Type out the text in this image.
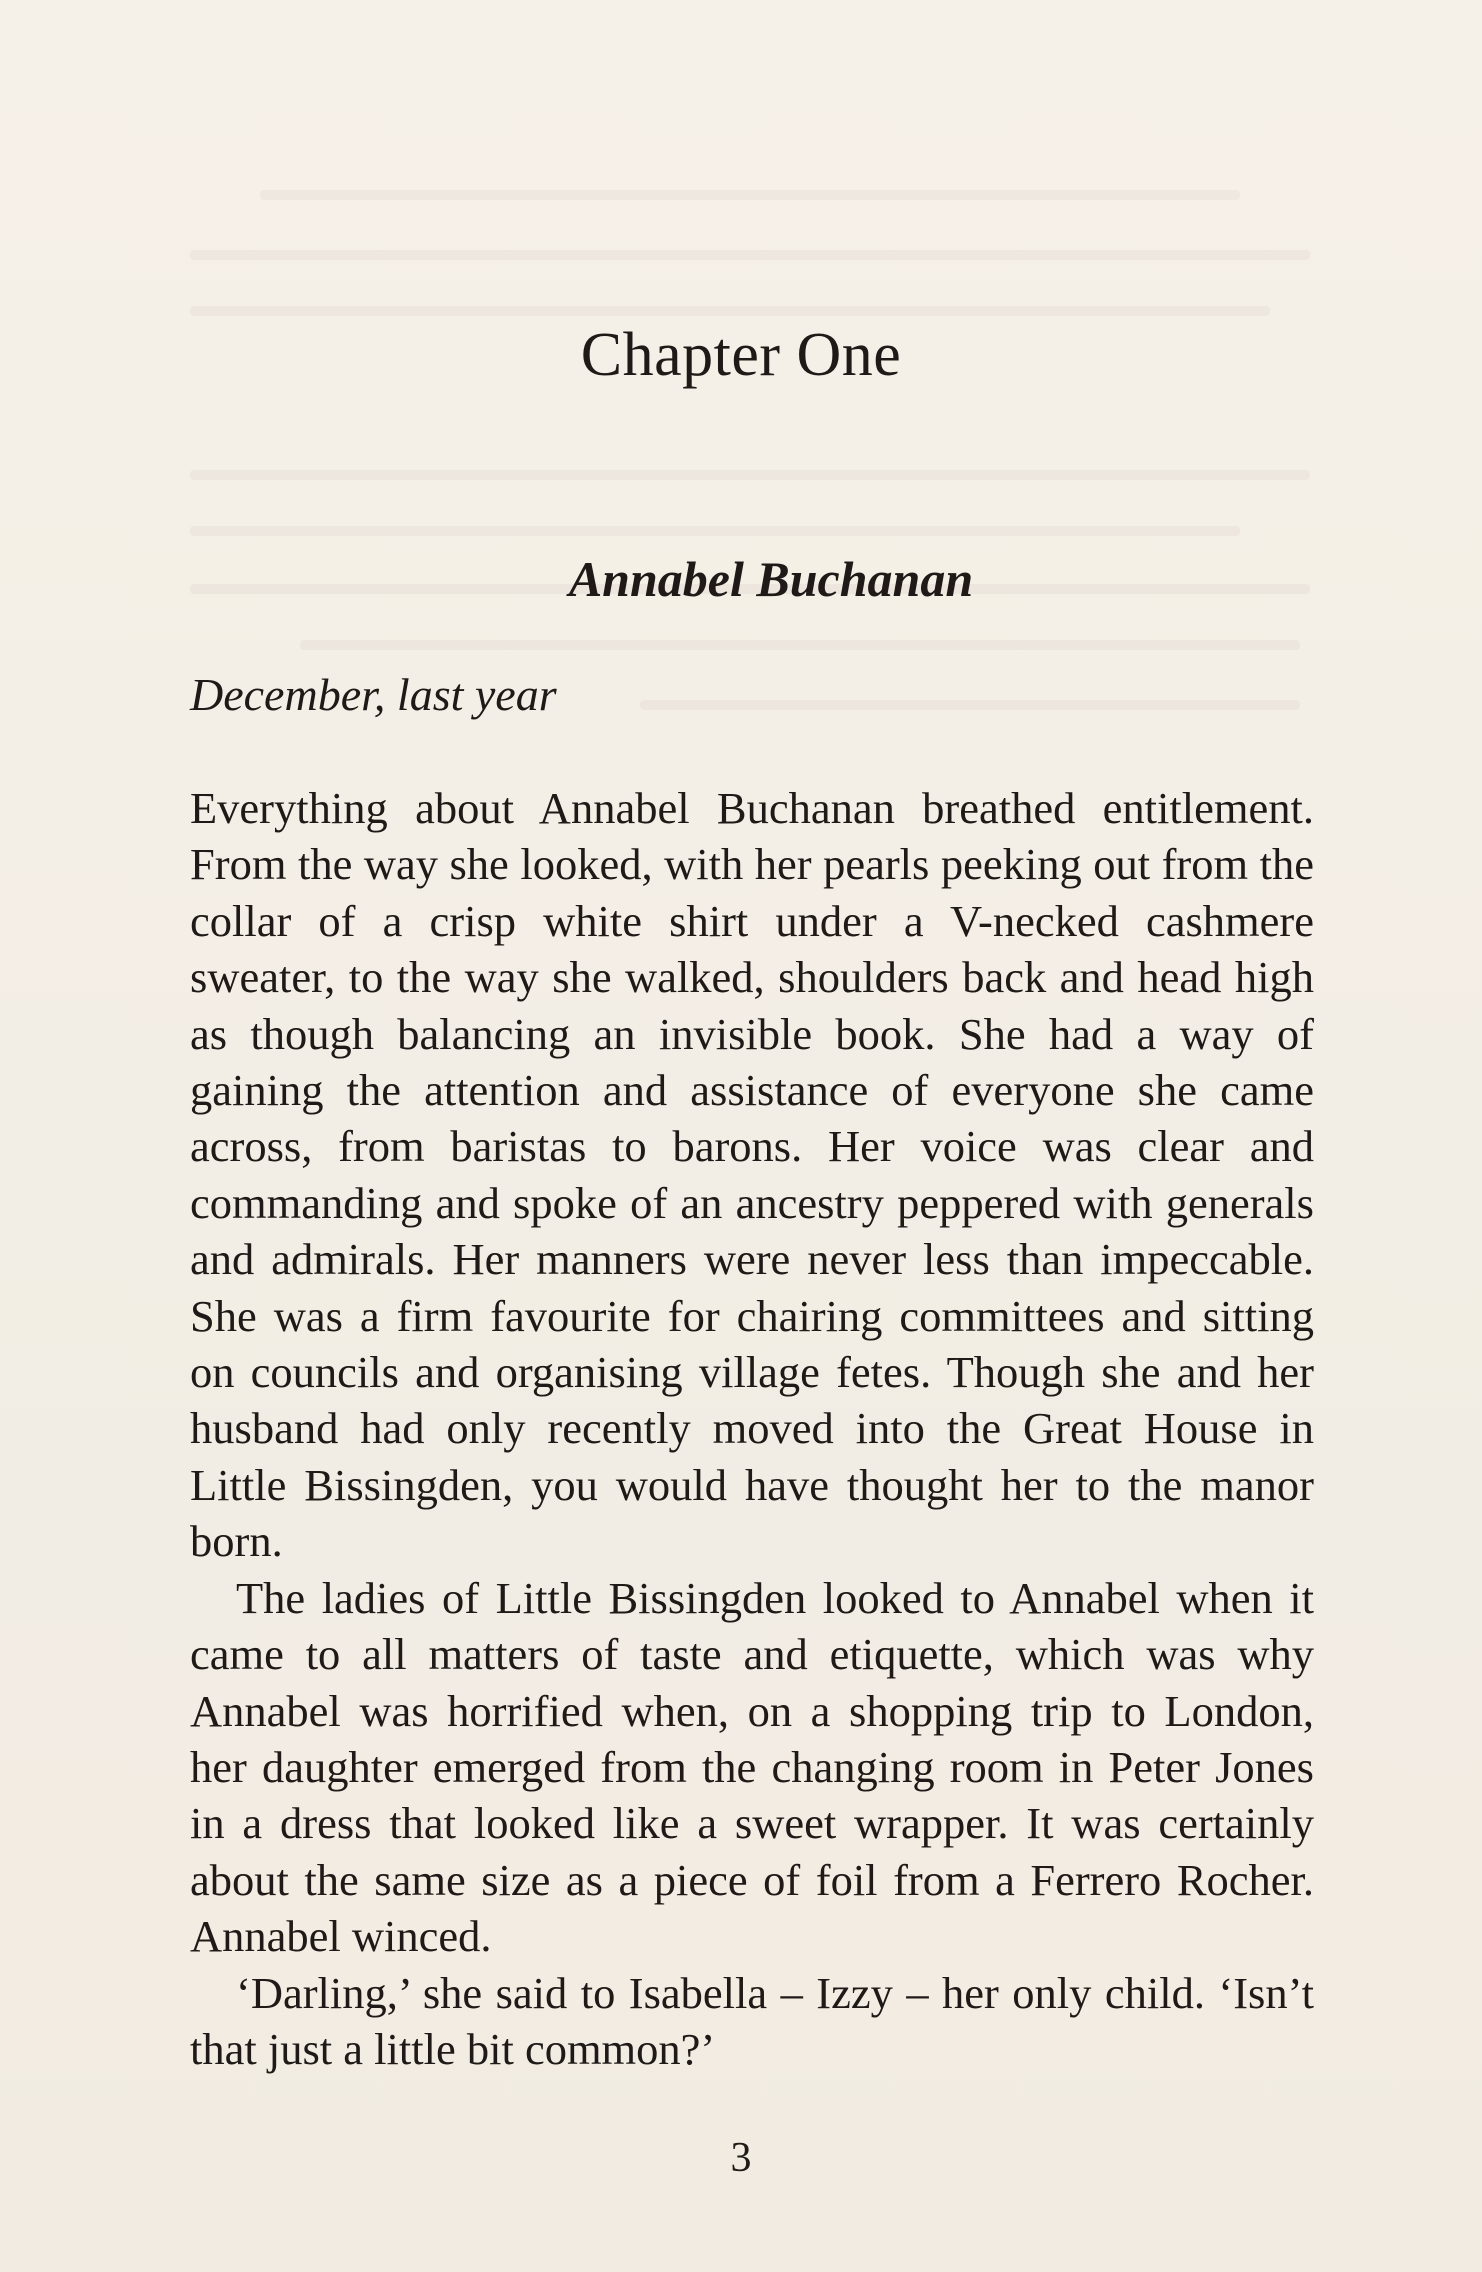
Chapter One
Annabel Buchanan
December, last year

Everything about Annabel Buchanan breathed entitlement. From the way she looked, with her pearls peeking out from the collar of a crisp white shirt under a V-necked cashmere sweater, to the way she walked, shoulders back and head high as though balancing an invisible book. She had a way of gaining the attention and assistance of everyone she came across, from baristas to barons. Her voice was clear and commanding and spoke of an ancestry peppered with generals and admirals. Her manners were never less than impeccable. She was a firm favourite for chairing committees and sitting on councils and organising village fetes. Though she and her husband had only recently moved into the Great House in Little Bissingden, you would have thought her to the manor born.

The ladies of Little Bissingden looked to Annabel when it came to all matters of taste and etiquette, which was why Annabel was horrified when, on a shopping trip to London, her daughter emerged from the changing room in Peter Jones in a dress that looked like a sweet wrapper. It was certainly about the same size as a piece of foil from a Ferrero Rocher. Annabel winced.

‘Darling,’ she said to Isabella – Izzy – her only child. ‘Isn’t that just a little bit common?’

3
